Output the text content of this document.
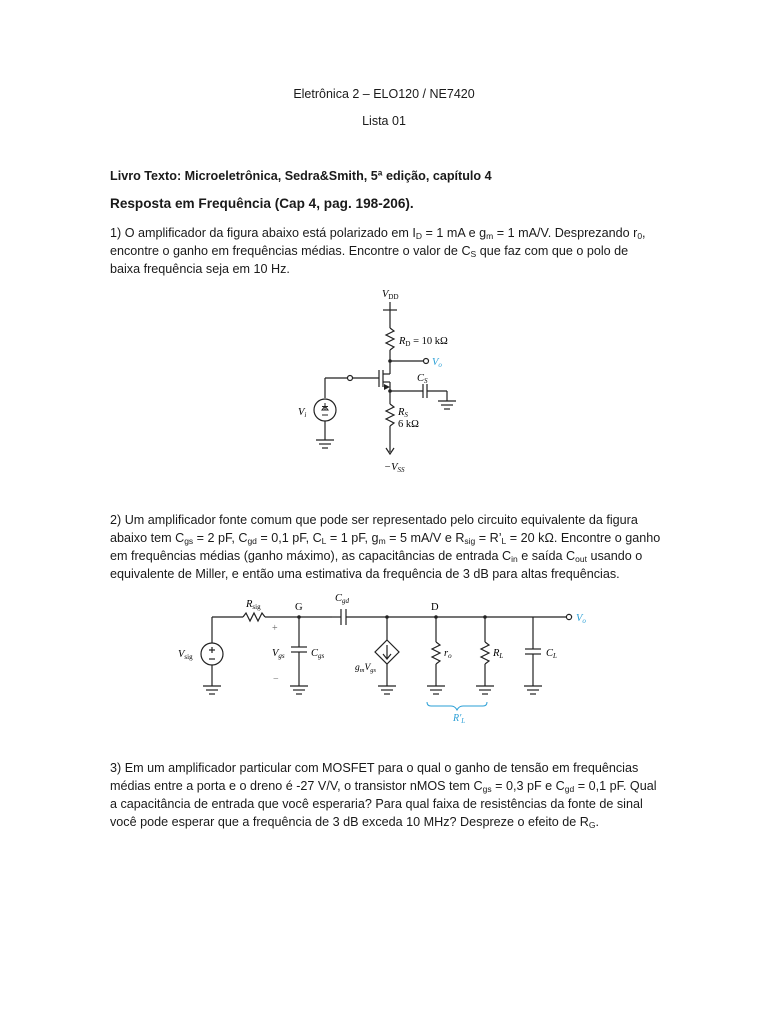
Eletrônica 2 – ELO120 / NE7420
Lista 01
Livro Texto: Microeletrônica, Sedra&Smith, 5ª edição, capítulo 4
Resposta em Frequência (Cap 4, pag. 198-206).
1) O amplificador da figura abaixo está polarizado em $I_D = 1$ mA e $g_m = 1$ mA/V. Desprezando $r_0$,
encontre o ganho em frequências médias. Encontre o valor de $C_S$ que faz com que o polo de
baixa frequência seja em 10 Hz.
VDD
RD = 10 kΩ
Vo
CS
Vi	RS
6 kΩ
−VSS
2) Um amplificador fonte comum que pode ser representado pelo circuito equivalente da figura
abaixo tem $C_{gs} = 2$ pF, $C_{gd} = 0,1$ pF, $C_L = 1$ pF, $g_m = 5$ mA/V e $R_{sig}$ = $R’_L = 20$ kΩ. Encontre o ganho
em frequências médias (ganho máximo), as capacitâncias de entrada $C_{in}$ e saída $C_{out}$ usando o
equivalente de Miller, e então uma estimativa da frequência de 3 dB para altas frequências.
Rsig	G
Cgd
D
Vo
Vsig
+
Vgs
−
Cgs
$g_mV_{gs}$
ro	RL	CL
$R'_L$
3) Em um amplificador particular com MOSFET para o qual o ganho de tensão em frequências
médias entre a porta e o dreno é -27 V/V, o transistor nMOS tem $C_{gs} = 0,3$ pF e $C_{gd} = 0,1$ pF. Qual
a capacitância de entrada que você esperaria? Para qual faixa de resistências da fonte de sinal
você pode esperar que a frequência de 3 dB exceda 10 MHz? Despreze o efeito de $R_G$.
